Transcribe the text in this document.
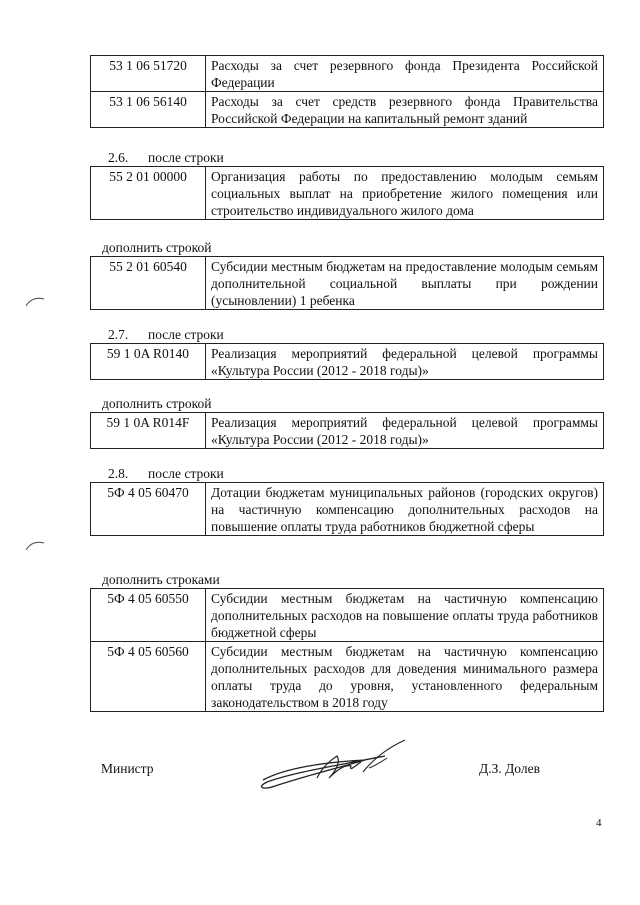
53 1 06 51720	Расходы за счет резервного фонда Президента Российской Федерации
53 1 06 56140	Расходы за счет средств резервного фонда Правительства Российской Федерации на капитальный ремонт зданий
2.6. после строки
55 2 01 00000	Организация работы по предоставлению молодым семьям социальных выплат на приобретение жилого помещения или строительство индивидуального жилого дома
дополнить строкой
55 2 01 60540	Субсидии местным бюджетам на предоставление молодым семьям дополнительной социальной выплаты при рождении (усыновлении) 1 ребенка
2.7. после строки
59 1 0A R0140	Реализация мероприятий федеральной целевой программы «Культура России (2012 - 2018 годы)»
дополнить строкой
59 1 0A R014F	Реализация мероприятий федеральной целевой программы «Культура России (2012 - 2018 годы)»
2.8. после строки
5Ф 4 05 60470	Дотации бюджетам муниципальных районов (городских округов) на частичную компенсацию дополнительных расходов на повышение оплаты труда работников бюджетной сферы
дополнить строками
5Ф 4 05 60550	Субсидии местным бюджетам на частичную компенсацию дополнительных расходов на повышение оплаты труда работников бюджетной сферы
5Ф 4 05 60560	Субсидии местным бюджетам на частичную компенсацию дополнительных расходов для доведения минимального размера оплаты труда до уровня, установленного федеральным законодательством в 2018 году
Министр	Д.З. Долев
4
